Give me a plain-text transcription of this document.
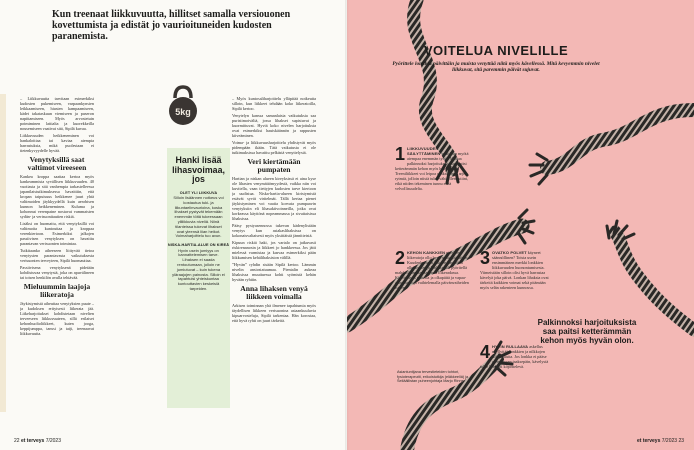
Kun treenaat liikkuvuutta, hillitset samalla versiouonen kovettumista ja edistät jo vaurioituneiden kudosten paranemista.

– Liikkuvuutta tarvitaan esimerkiksi kudosten pukemiseen, varpaankynsien leikkaamiseen, hiusten kampaamiseen, kädet takataskuun viemiseen ja puseron napittamiseen. Myös arvostetuin poimiminen lattialta ja kuorekkeilla nousemiseen vaativat sitä, Sipilä kuvaa.

Liikkuvuuden heikkeneminen voi hankaloittaa tai kaviaa aiempia harrastuksia, mikä puolestaan ei tietenkyvyydelle hyvää.

Venytyksillä saat valtimot vireeseen

Kankea kroppa saattaa kertoa myös kankeammista syvällisen liikkuvuuden. 40 vuotiasta ja sitä vanhempia tarkastelleessa japanilaistutkimuksessa havaittiin, että kropan taipuisuus heikkenee juuri yhtä valtimoiden jäykkyydellä kuin aerobisen kunnon heikkeneminen. Kuluma ja kohonnut verenpaine nostavat vammaisten sydän- ja verisuonitautien riskiä.

Lisäksi on huomattu, että venytyksillä voi valtimoita kuntouttaa ja kroppaa verenkiertoon. Esimerkiksi jalkojen passiivisen venytyksen on havaittu parantavan verisuonten toimintaa.

Tutkitaanko aiheeseen liittyvää tietoa venytysten parantavasta vaikutuksesta verisuonten terveyteen, Sipilä huomauttaa.

Passiivisena venytyksenä pidetään kohdistuvaa venytystä, joka on apuvälineen tai toisen henkilön avulla tehtävää.

Mieluummin laajoja liikeratoja

Jäykistymistä aiheuttaa venytyksien puute – ja kudoksen erityisesti liikerata jää. Liikeharjoitukset kohdistetaan nivelten terveeseen liikkuvuuteen, sillä erilaiset kehonhuoltoliikkeet, kuten jooga, keppijumppa, tanssi ja taiji, treenaavat liikkuvuutta.

5kg
Hanki lisää lihasvoimaa, jos
OLET YLI LIIKKUVA
Silloin lisäännen notkeus voi kostautua tuki- ja liikuntaelinvaurioina, koska lihakset pystyvät tekemään enemmän töitä tukeessaan yliliikkuvia niveliä. Niinä tilanteissa tukevat lihakset ovat yleensä liian heikot. Voimaharjoittelu tuo avun.
NISKA-HARTIA-ALUE ON KIREÄ
Hyvin usein jumiyys on kannattelemisen tarve. Lihaksen ei saada rentoutumaan, jolloin ne jumiutuvat – kuin tukena yläraajojen painosta. Silloin ei tapahtuisi yhteiskuntaa kuntouttavien keskeisiä tarpeiden.

– Myös kuntosaliharjoittelu ylläpitää notkeutta silloin, kun liikkeet tehdään koko liikeratoilla, Sipilä kertoo.

Venytelyn kanssa samanlaisia vaikutuksia saa puristimoiväliä, jossa lihakset supistuvat ja kuormittuvat. Hyviä koko nivelen harjoituksia ovat esimerkiksi hauiskäännön ja rappusten kiiveäminen.

Voima- ja liikkuvuusharjoittelu yhdistyvät myös pidempään ikään. Tätä vaikutusta ei ole tutkimuksissa havaittu pelkästä venyttelystä.

Veri kiertämään pumpaten

Hartian ja niskan alueen kireyksissä ei aina kyse ole lihasten venymättömyydestä, vaikka niin voi kuvitella, vaan tiettyjen kudosten tarve kiertoon ja uudistua. Niska-hartia-alueen kiristymistä estävät syvät viritelmät. Tällä kertaa pienet jäykistyminen voi vaatia korvata pumpaavin venytyksiin eli lihasaktivoinneilla, jotka ovat korkeassa käyttönä nopeammassa ja sivuttaisissa lihaksissa.

Pääsy pystyasennossa tukevan kädenylistään venytys kun asiakaslihaksissa on kokonaisvaltaisesti myös yksittäistä jännitteistä.

Kipuun riskiä haki, jos vartalo on jatkuvasti riskirenanosin ja liikkeet jo hankkeessa. Jos jätti mielessä varmistaa ja kasvaa esimerkiksi pään liikkumisen kehälihaksiston välillä.

”Hyvän” ryhdin sisään Sipilä kertoo. Lämmin nivelin ansiostatuumaa. Pientalin aukeaa lihaksissa muuttuessa kohti syömistä kehän hyvään ryhtiin.

Anna lihaksen venyä liikkeen voimalla

Arkisen toiminnan yhä ilmenee tapahtumia myös täydellisen liikkeen verisuonina asiaankuuluvia kipuarvosteluja, Sipilä tarkentaa. Hän korostaa, että hyvä ryhti on juuri tärkeitä.

22 et terveys 7/2023
VOITELUA NIVELILLE
Pyörittele lonkkia päivittäin ja muista venyttää niitä myös kävellessä. Mitä kevyemmin nivelet liikkuvat, sitä paremmin päivät sujuvat.
1 LIIKKUVUUDEN SÄILYTTÄMINEN vaatii ian myötä aiempaa enemmän työtä. Muttaa palkinnoksi harjoituksista saa paitsi ketterämmän kehon myös hyvän olon. Treeniliikkeet voi leipoa osaksi omaa arjen rytmiä, jolloin niistä tulee vähitellen rutiini, eikä niiden tekeminen tunnu enää velvollisuudelta.
2 KEHON KANKKIEN nivelten liikeratoja ollo hyvä avata päivittäin. Kuudenkympin jälkeen varsinkin olkanivelet ja lonkkia tuli pyöritellä mahdollisimman laajassa liikeradassa. Kierrä myös ranteita ja olkapäitä ja vapaa-ajan asentoja vaihtelemalla päivänvaiheiden istuen.
3 OVATKO POLVET käyneet säännöllinen? Toista usein ensimmäinen merkki lonkkien liikkuvuuden huonontumisesta. Viimeistään silloin olisi hyvä harrastaa kävelyä joka päivä. Lonkan lihaksia ovat tärkeitä kaikkien voimat sekä pitämään myös selän rakenteen kunnossa.
4 HYVIN RULLAAVA askellus edellyttää lonkkien ja nilkkojen liikkuvuutta. Jos lonkka ei pääse ojentumaan taaksepäin, kävelystä tulee helposti köpöttelevä.
Palkinnoksi harjoituksista saa paitsi ketterämmän kehon myös hyvän olon.
Asiantuntijana tervestieteiden tohtori, fysioterapeutti, erikoistutkija (eläkkeellä) ja Seiläällistan puheenjohtaja Marjo Rinne.
et terveys 7/2023 23
